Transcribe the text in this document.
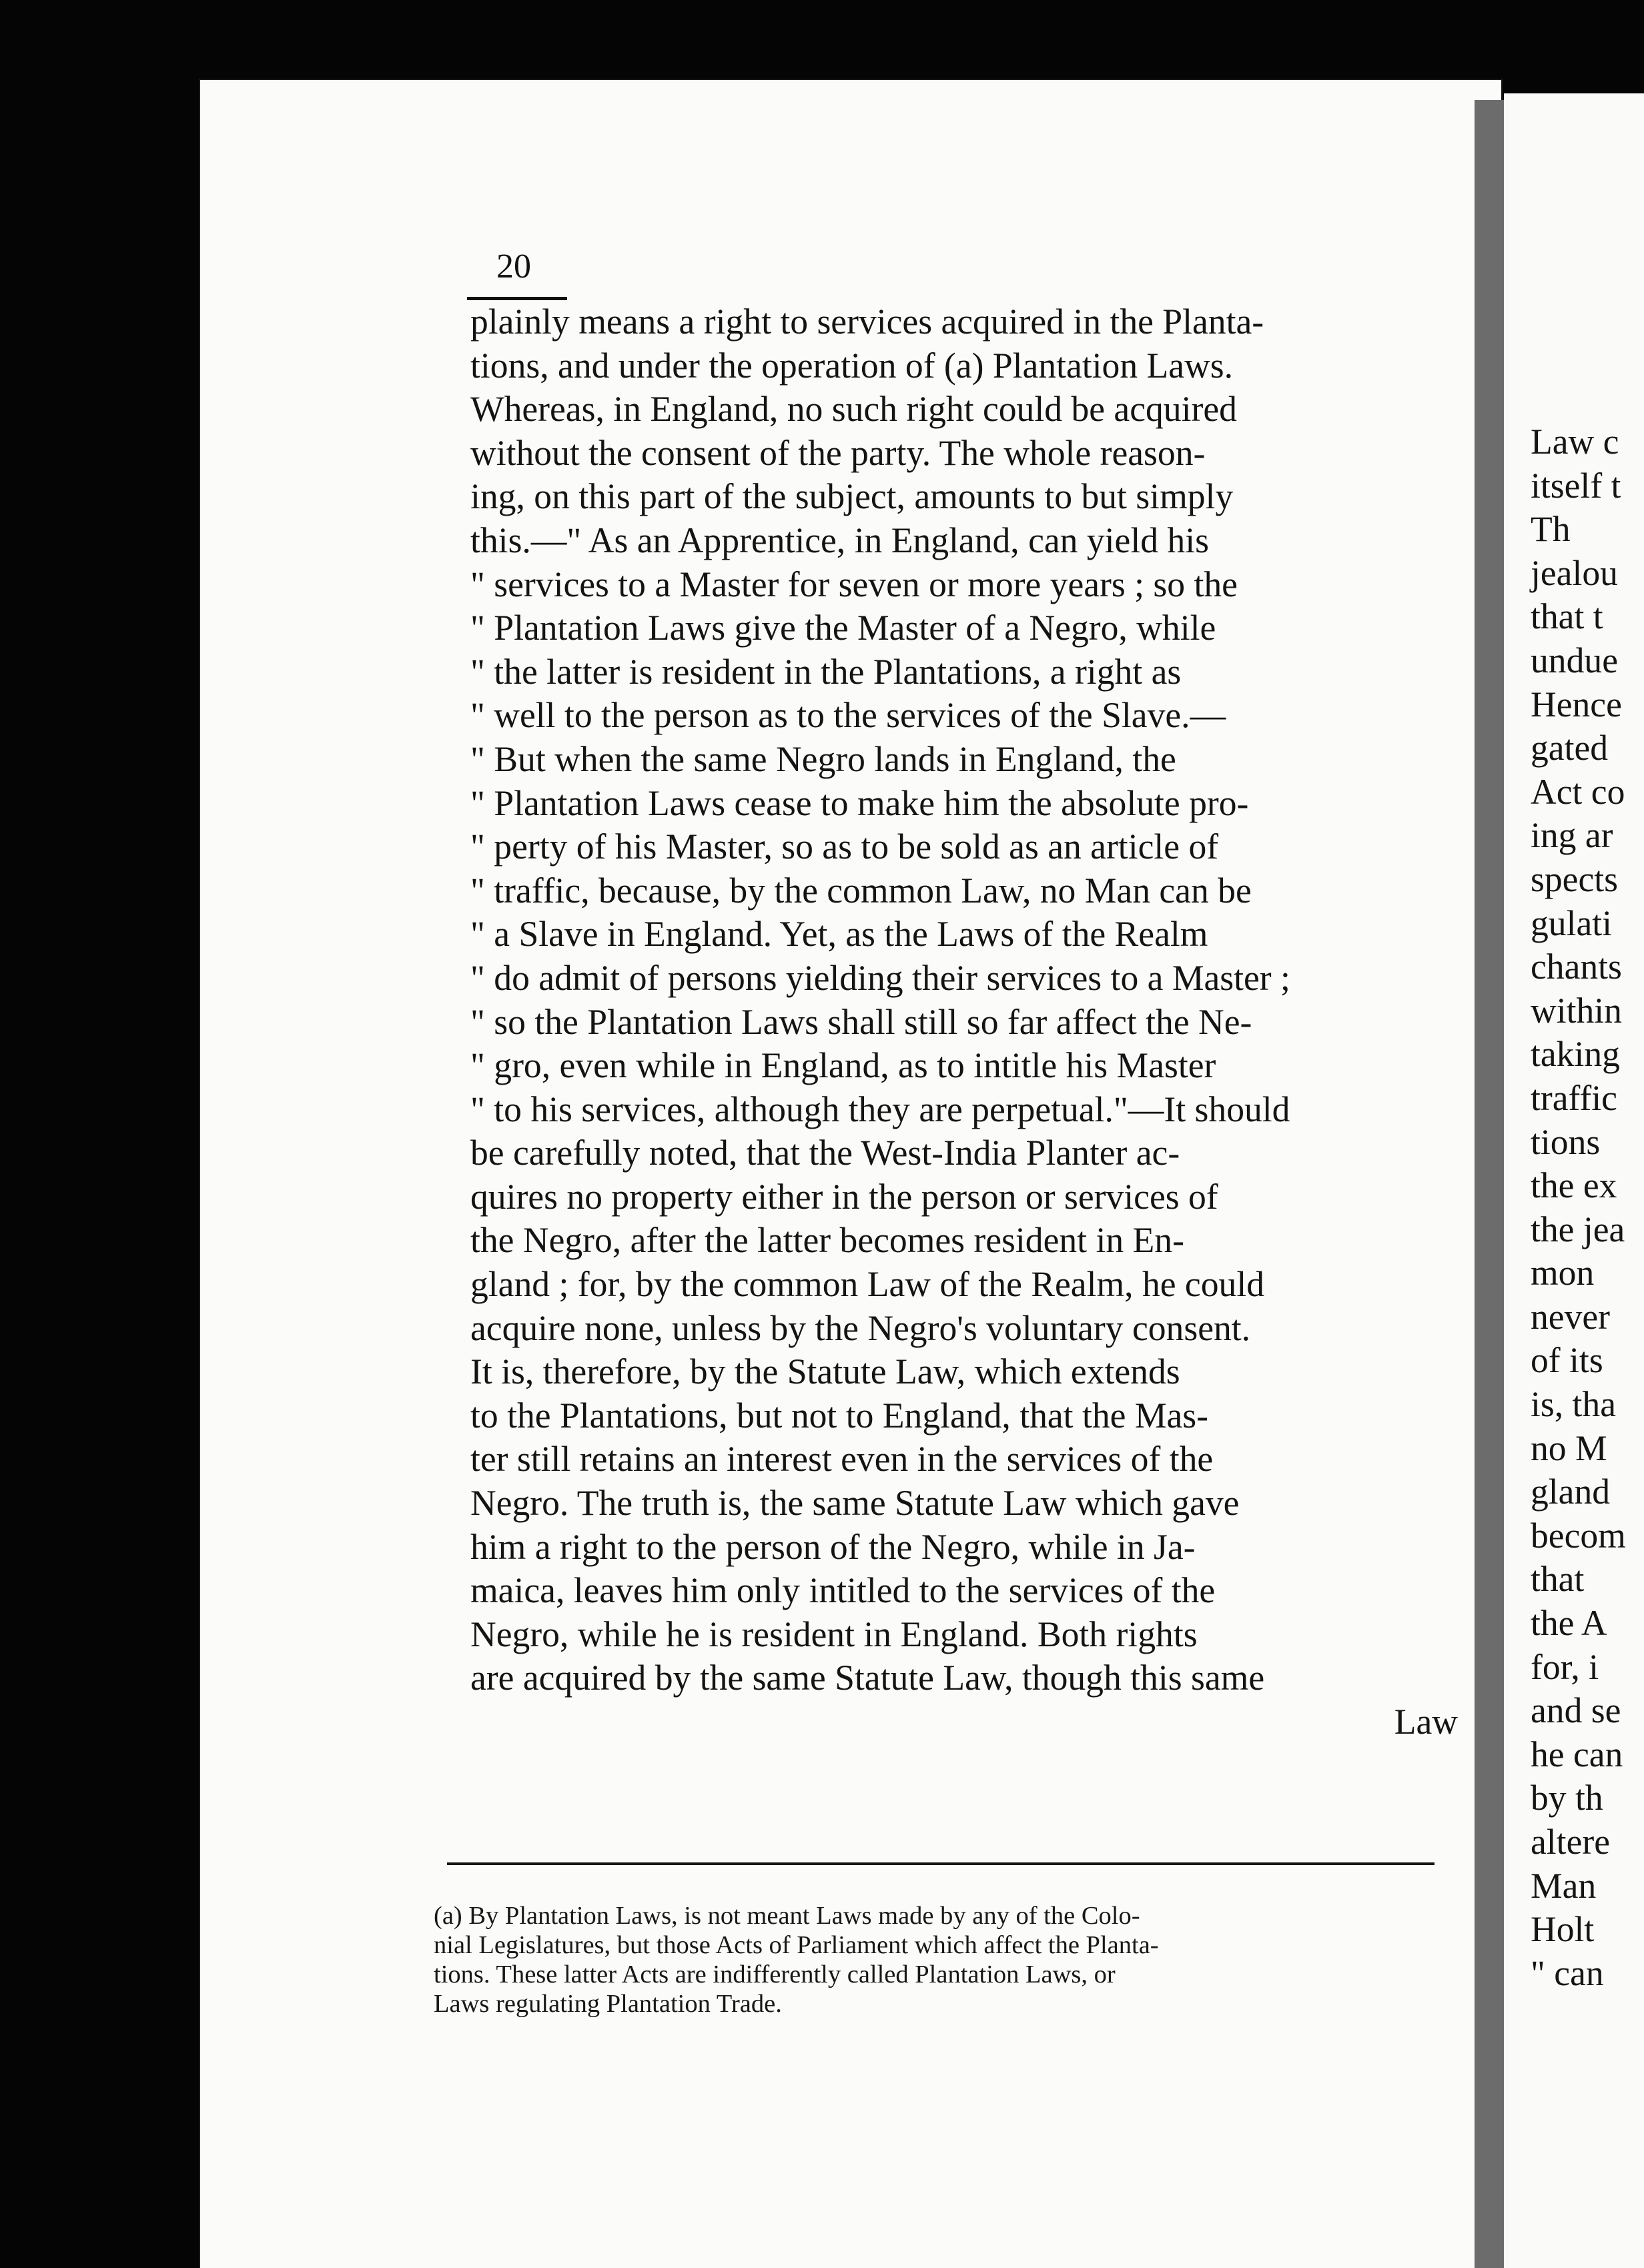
Law c
itself t
Th
jealou
that t
undue
Hence
gated
Act co
ing ar
spects
gulati
chants
within
taking
traffic
tions
the ex
the jea
mon
never
of its
is, tha
no M
gland
becom
that
the A
for, i
and se
he can
by th
altere
Man
Holt
" can
20
plainly means a right to services acquired in the Planta-
tions, and under the operation of (a) Plantation Laws.
Whereas, in England, no such right could be acquired
without the consent of the party. The whole reason-
ing, on this part of the subject, amounts to but simply
this.—" As an Apprentice, in England, can yield his
" services to a Master for seven or more years ; so the
" Plantation Laws give the Master of a Negro, while
" the latter is resident in the Plantations, a right as
" well to the person as to the services of the Slave.—
" But when the same Negro lands in England, the
" Plantation Laws cease to make him the absolute pro-
" perty of his Master, so as to be sold as an article of
" traffic, because, by the common Law, no Man can be
" a Slave in England. Yet, as the Laws of the Realm
" do admit of persons yielding their services to a Master ;
" so the Plantation Laws shall still so far affect the Ne-
" gro, even while in England, as to intitle his Master
" to his services, although they are perpetual."—It should
be carefully noted, that the West-India Planter ac-
quires no property either in the person or services of
the Negro, after the latter becomes resident in En-
gland ; for, by the common Law of the Realm, he could
acquire none, unless by the Negro's voluntary consent.
It is, therefore, by the Statute Law, which extends
to the Plantations, but not to England, that the Mas-
ter still retains an interest even in the services of the
Negro. The truth is, the same Statute Law which gave
him a right to the person of the Negro, while in Ja-
maica, leaves him only intitled to the services of the
Negro, while he is resident in England. Both rights
are acquired by the same Statute Law, though this same
Law
(a) By Plantation Laws, is not meant Laws made by any of the Colo-
nial Legislatures, but those Acts of Parliament which affect the Planta-
tions. These latter Acts are indifferently called Plantation Laws, or
Laws regulating Plantation Trade.
